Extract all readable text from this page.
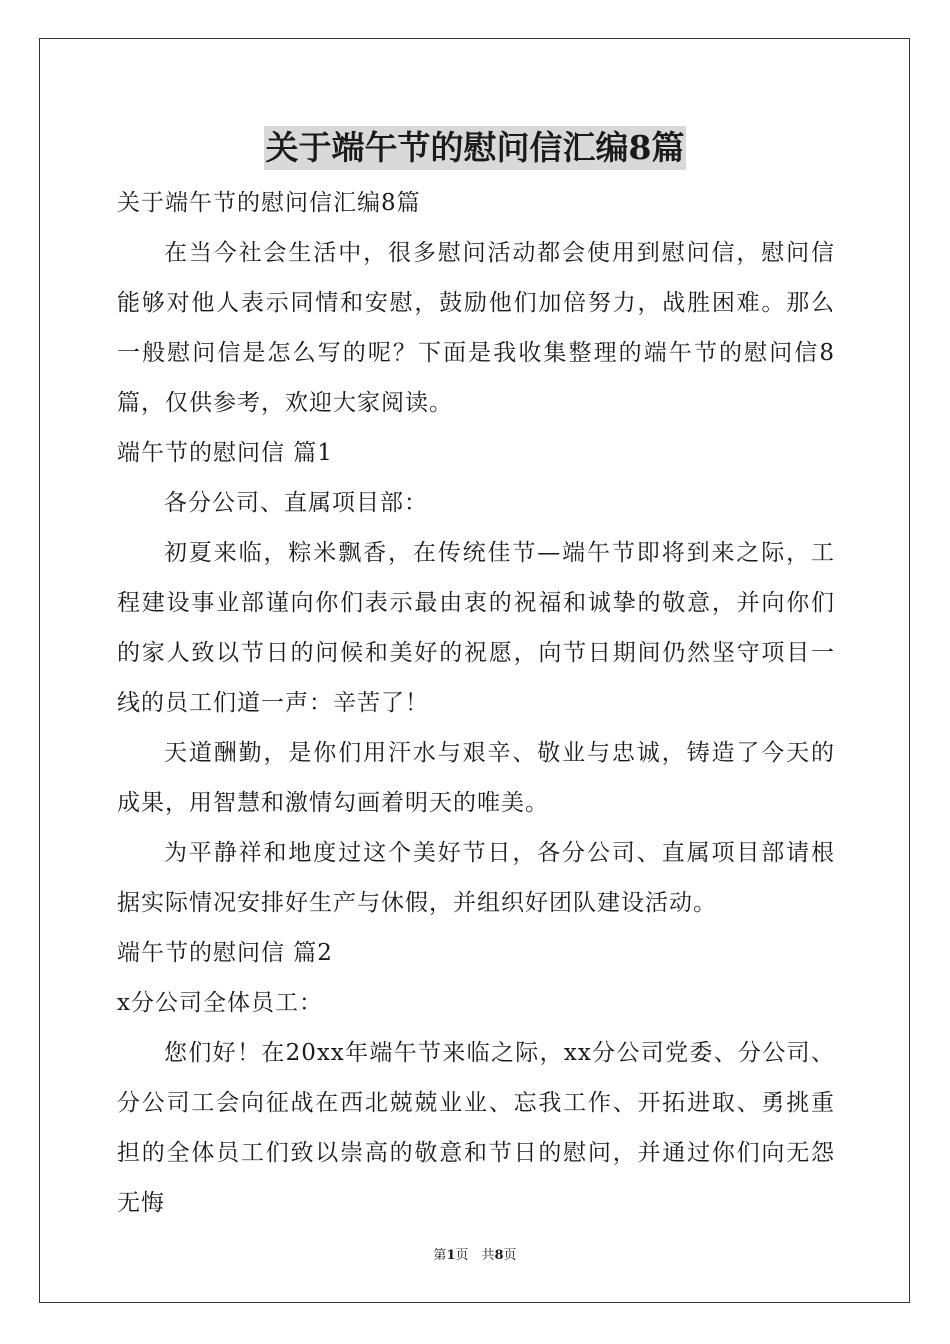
关于端午节的慰问信汇编8篇

关于端午节的慰问信汇编8篇

在当今社会生活中，很多慰问活动都会使用到慰问信，慰问信能够对他人表示同情和安慰，鼓励他们加倍努力，战胜困难。那么一般慰问信是怎么写的呢？下面是我收集整理的端午节的慰问信8篇，仅供参考，欢迎大家阅读。

端午节的慰问信 篇1

各分公司、直属项目部：

初夏来临，粽米飘香，在传统佳节—端午节即将到来之际，工程建设事业部谨向你们表示最由衷的祝福和诚挚的敬意，并向你们的家人致以节日的问候和美好的祝愿，向节日期间仍然坚守项目一线的员工们道一声：辛苦了！

天道酬勤，是你们用汗水与艰辛、敬业与忠诚，铸造了今天的成果，用智慧和激情勾画着明天的唯美。

为平静祥和地度过这个美好节日，各分公司、直属项目部请根据实际情况安排好生产与休假，并组织好团队建设活动。

端午节的慰问信 篇2

x分公司全体员工：

您们好！在20xx年端午节来临之际，xx分公司党委、分公司、分公司工会向征战在西北兢兢业业、忘我工作、开拓进取、勇挑重担的全体员工们致以崇高的敬意和节日的慰问，并通过你们向无怨无悔

第1页　共8页
